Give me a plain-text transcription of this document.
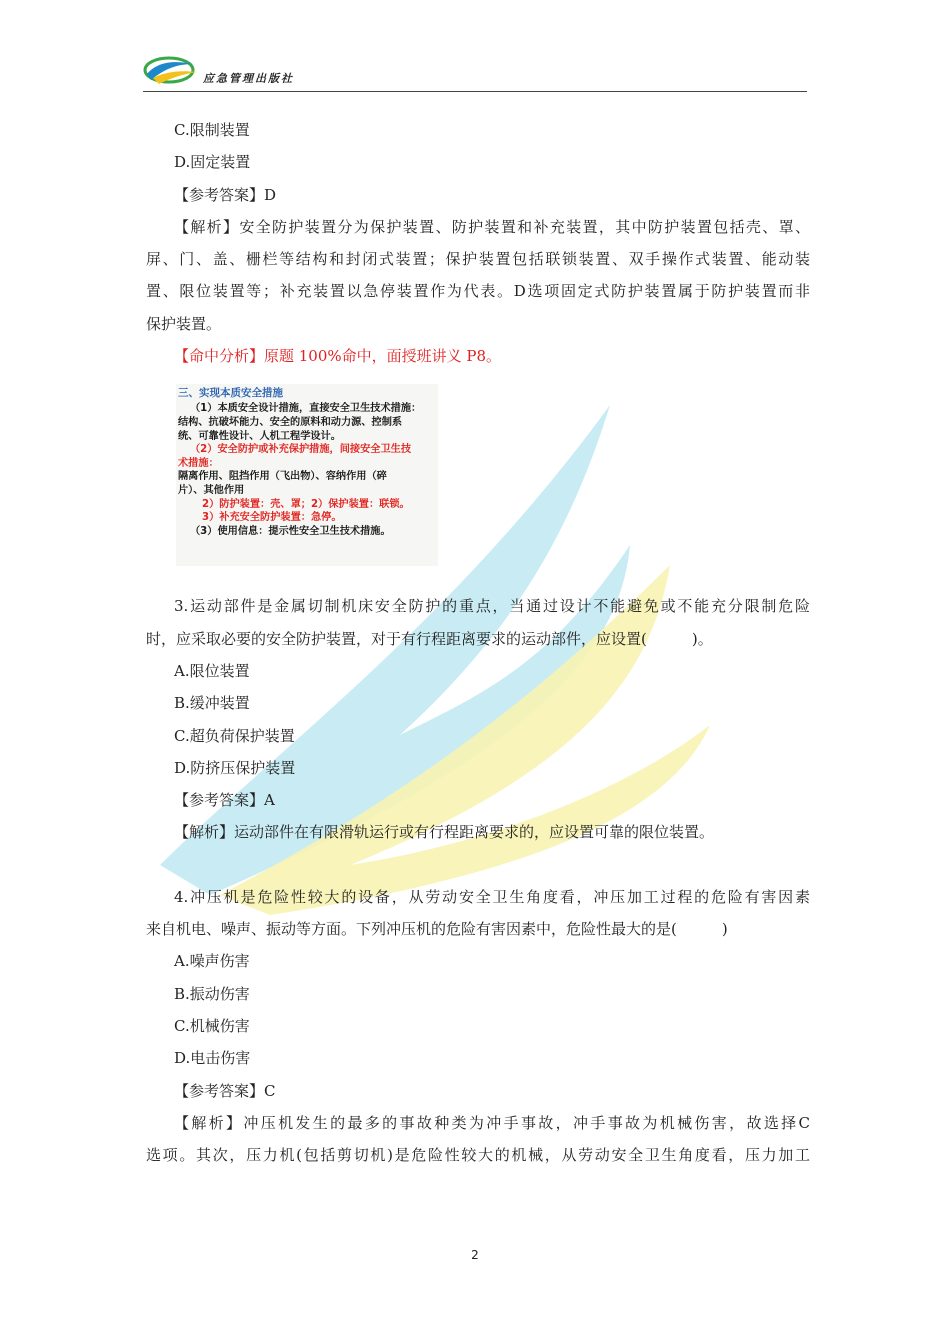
应急管理出版社

C.限制装置

D.固定装置

【参考答案】D

【解析】安全防护装置分为保护装置、防护装置和补充装置，其中防护装置包括壳、罩、

屏、门、盖、栅栏等结构和封闭式装置；保护装置包括联锁装置、双手操作式装置、能动装

置、限位装置等；补充装置以急停装置作为代表。D选项固定式防护装置属于防护装置而非

保护装置。

【命中分析】原题 100%命中，面授班讲义 P8。

三、实现本质安全措施
（1）本质安全设计措施，直接安全卫生技术措施：
结构、抗破坏能力、安全的原料和动力源、控制系
统、可靠性设计、人机工程学设计。
（2）安全防护或补充保护措施，间接安全卫生技
术措施：
隔离作用、阻挡作用（飞出物）、容纳作用（碎
片）、其他作用
2）防护装置：壳、罩；2）保护装置：联锁。
3）补充安全防护装置：急停。
（3）使用信息：提示性安全卫生技术措施。

3.运动部件是金属切制机床安全防护的重点，当通过设计不能避免或不能充分限制危险

时，应采取必要的安全防护装置，对于有行程距离要求的运动部件，应设置(　　　)。

A.限位装置

B.缓冲装置

C.超负荷保护装置

D.防挤压保护装置

【参考答案】A

【解析】运动部件在有限滑轨运行或有行程距离要求的，应设置可靠的限位装置。

4.冲压机是危险性较大的设备，从劳动安全卫生角度看，冲压加工过程的危险有害因素

来自机电、噪声、振动等方面。下列冲压机的危险有害因素中，危险性最大的是(　　　)

A.噪声伤害

B.振动伤害

C.机械伤害

D.电击伤害

【参考答案】C

【解析】冲压机发生的最多的事故种类为冲手事故，冲手事故为机械伤害，故选择C

选项。其次，压力机(包括剪切机)是危险性较大的机械，从劳动安全卫生角度看，压力加工

2
